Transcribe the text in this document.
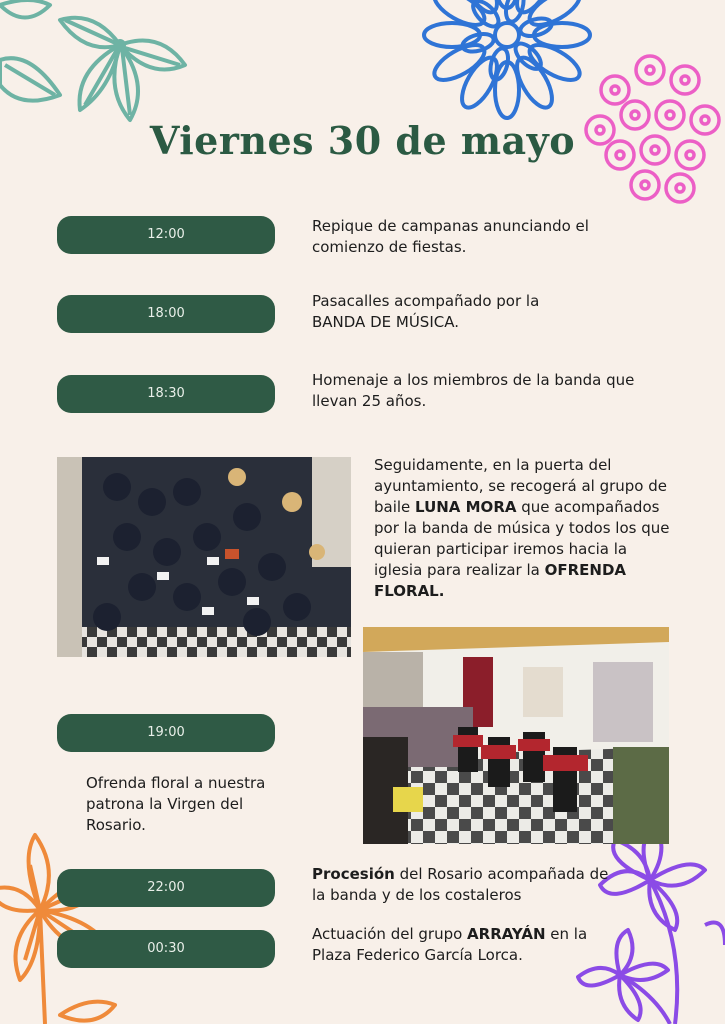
Viernes 30 de mayo
12:00	Repique de campanas anunciando el comienzo de fiestas.
18:00
Pasacalles acompañado por la BANDA DE MÚSICA.
18:30
Homenaje a los miembros de la banda que llevan 25 años.
Seguidamente, en la puerta del ayuntamiento, se recogerá al grupo de baile LUNA MORA que acompañados por la banda de música y todos los que quieran participar iremos hacia la iglesia para realizar la OFRENDA FLORAL.
19:00
Ofrenda floral a nuestra patrona la Virgen del Rosario.
22:00
Procesión del Rosario acompañada de la banda y de los costaleros
00:30
Actuación del grupo ARRAYÁN en la Plaza Federico García Lorca.
